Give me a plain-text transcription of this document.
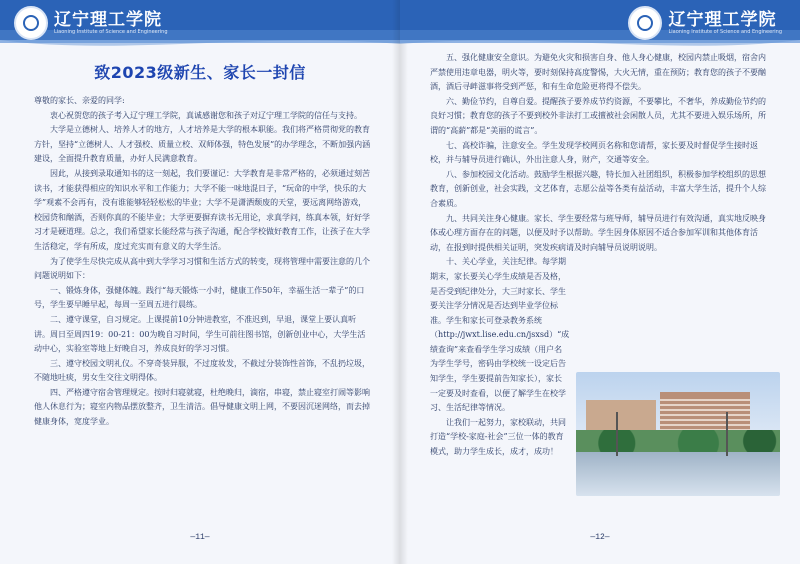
辽宁理工学院
Liaoning Institute of Science and Engineering
致2023级新生、家长一封信

尊敬的家长、亲爱的同学:

衷心祝贺您的孩子考入辽宁理工学院，真诚感谢您和孩子对辽宁理工学院的信任与支持。

大学是立德树人、培养人才的地方，人才培养是大学的根本职能。我们将严格贯彻党的教育方针，坚持“立德树人、人才强校、质量立校、双师体强，特色发展”的办学理念，不断加强内涵建设，全面提升教育质量，办好人民满意教育。

因此，从接到录取通知书的这一刻起，我们要谨记：大学教育是非常严格的，必须通过刻苦读书，才能获得相应的知识水平和工作能力；大学不能一味地混日子，“玩命的中学，快乐的大学”观素不会再有，没有谁能够轻轻松松的毕业；大学不是潇洒颓废的天堂，要远离网络游戏，校园贷和酗酒，否则你真的不能毕业；大学更要摒弃读书无用论，求真学问，练真本领，好好学习才是硬道理。总之，我们希望家长能经常与孩子沟通，配合学校做好教育工作，让孩子在大学生活稳定，学有所成，度过充实而有意义的大学生活。

为了使学生尽快完成从高中到大学学习习惯和生活方式的转变，现将管理中需要注意的几个问题说明如下：

一、锻炼身体，强健体魄。践行“每天锻炼一小时，健康工作50年，幸福生活一辈子”的口号，学生要早睡早起，每周一至周五进行晨练。

二、遵守课堂，自习规定。上课提前10分钟进教室，不准迟到，早退，课堂上要认真听讲。周日至周四19：00-21：00为晚自习时间，学生可前往图书馆，创新创业中心，大学生活动中心，实验室等地上好晚自习，养成良好的学习习惯。

三、遵守校园文明礼仪。不穿奇装异服，不过度妆发，不截过分装饰性首饰，不乱扔垃圾，不随地吐痰，男女生交往文明得体。

四、严格遵守宿舍管理规定。按时归寝就寝，杜绝晚归，滴宿，串寝，禁止寝室打闹等影响他人休息行为；寝室内物品摆放整齐，卫生清洁。倡导健康文明上网，不要因沉迷网络，而去掉健康身体，宽度学业。

—11—
辽宁理工学院
Liaoning Institute of Science and Engineering

五、强化健康安全意识。为避免火灾和损害自身、他人身心健康，校园内禁止吸烟，宿舍内严禁使用违章电器，明火等，要时刻保持高度警惕，大火无情，重在预防；教育您的孩子不要酗酒，酒后寻衅滋事将受到严惩，和有生命危险更将得不偿失。

六、勤俭节约，自尊自爱。提醒孩子要养成节约资源，不要攀比，不奢华，养成勤俭节约的良好习惯；教育您的孩子不要到校外非法打工或擅被社会闲散人员，尤其不要进入娱乐场所，所谓的“高薪”都是“美丽的谎言”。

七、高校诈骗，注意安全。学生发现学校网页名称和您请帮，家长要及时督促学生接时返校，并与辅导员进行确认，外出注意人身，财产，交通等安全。

八、参加校园文化活动。鼓励学生根据兴趣，特长加入社团组织，积极参加学校组织的思想教育，创新创业，社会实践，文艺体育，志愿公益等各类有益活动，丰富大学生活，提升个人综合素质。

九、共同关注身心健康。家长、学生要经常与班导师，辅导员进行有效沟通，真实地反映身体或心理方面存在的问题，以便及时予以帮助。学生因身体原因不适合参加军训和其他体育活动，在报到时提供相关证明，突发疾病请及时向辅导员说明说明。

十、关心学业，关注纪律。每学期期末，家长要关心学生成绩是否及格，是否受到纪律处分，大三时家长、学生要关注学分情况是否达到毕业学位标准。学生和家长可登录教务系统（http://jwxt.lise.edu.cn/jsxsd）“成绩查询”来查看学生学习成绩（用户名为学生学号，密码由学校统一设定后告知学生，学生要提前告知家长），家长一定要及时查看，以便了解学生在校学习、生活纪律等情况。

让我们一起努力，家校联动，共同打造“学校-家庭-社会”三位一体的教育模式，助力学生成长，成才，成功！

—12—
